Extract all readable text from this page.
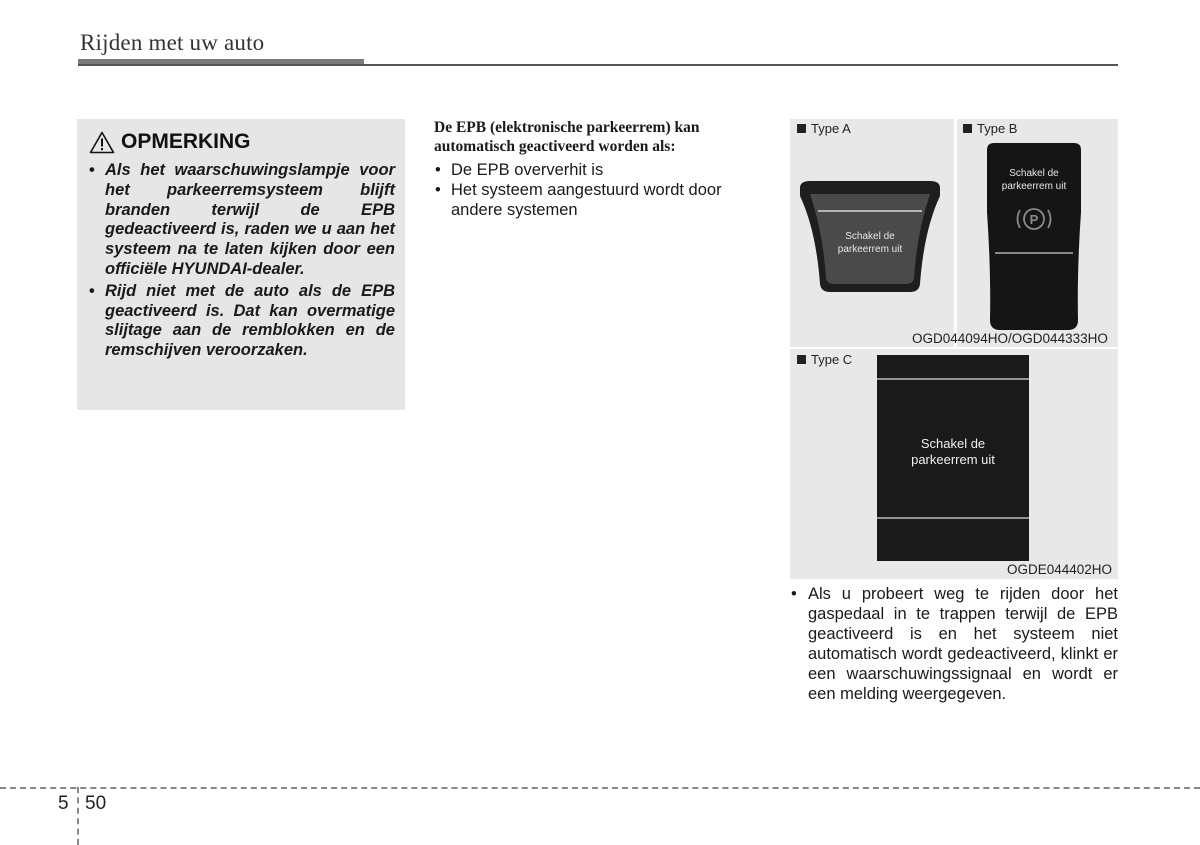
Rijden met uw auto
OPMERKING
• Als het waarschuwingslampje voor het parkeerremsysteem blijft branden terwijl de EPB gedeactiveerd is, raden we u aan het systeem na te laten kijken door een officiële HYUNDAI-dealer.
• Rijd niet met de auto als de EPB geactiveerd is. Dat kan overmatige slijtage aan de remblokken en de remschijven veroorzaken.
De EPB (elektronische parkeerrem) kan automatisch geactiveerd worden als:
• De EPB oververhit is
• Het systeem aangestuurd wordt door andere systemen
Type A	Type B
Schakel de
parkeerrem uit
Schakel de
parkeerrem uit
P
OGD044094HO/OGD044333HO
Type C
Schakel de
parkeerrem uit
OGDE044402HO
• Als u probeert weg te rijden door het gaspedaal in te trappen terwijl de EPB geactiveerd is en het systeem niet automatisch wordt gedeactiveerd, klinkt er een waarschuwingssignaal en wordt er een melding weergegeven.
5 50
